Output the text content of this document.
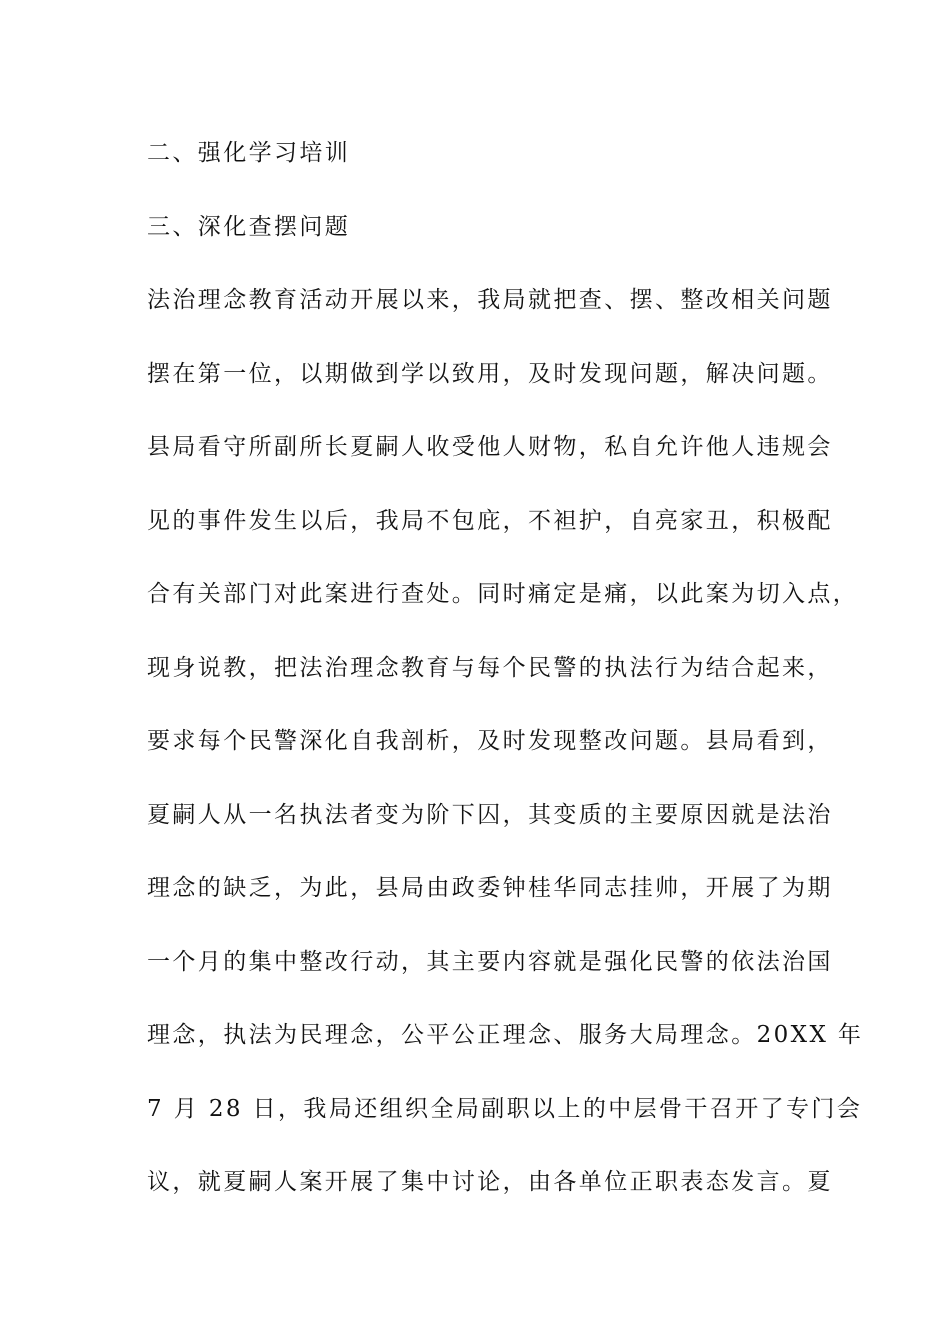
二、强化学习培训
三、深化查摆问题
法治理念教育活动开展以来，我局就把查、摆、整改相关问题
摆在第一位，以期做到学以致用，及时发现问题，解决问题。
县局看守所副所长夏嗣人收受他人财物，私自允许他人违规会
见的事件发生以后，我局不包庇，不袒护，自亮家丑，积极配
合有关部门对此案进行查处。同时痛定是痛，以此案为切入点，
现身说教，把法治理念教育与每个民警的执法行为结合起来，
要求每个民警深化自我剖析，及时发现整改问题。县局看到，
夏嗣人从一名执法者变为阶下囚，其变质的主要原因就是法治
理念的缺乏，为此，县局由政委钟桂华同志挂帅，开展了为期
一个月的集中整改行动，其主要内容就是强化民警的依法治国
理念，执法为民理念，公平公正理念、服务大局理念。20XX 年
7 月 28 日，我局还组织全局副职以上的中层骨干召开了专门会
议，就夏嗣人案开展了集中讨论，由各单位正职表态发言。夏
